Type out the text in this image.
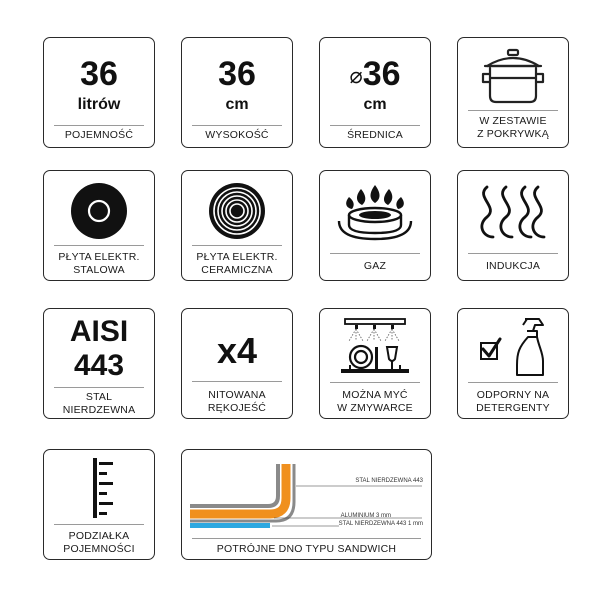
36
litrów
POJEMNOŚĆ
36
cm
WYSOKOŚĆ
⌀36
cm
ŚREDNICA
W ZESTAWIE
Z POKRYWKĄ
PŁYTA ELEKTR.
STALOWA
PŁYTA ELEKTR.
CERAMICZNA	GAZ	INDUKCJA
AISI
443
STAL
NIERDZEWNA
x4
NITOWANA
RĘKOJEŚĆ
MOŻNA MYĆ
W ZMYWARCE
ODPORNY NA
DETERGENTY
PODZIAŁKA
POJEMNOŚCI
STAL NIERDZEWNA 443
ALUMINIUM 3 mm
STAL NIERDZEWNA 443 1 mm
POTRÓJNE DNO TYPU SANDWICH
